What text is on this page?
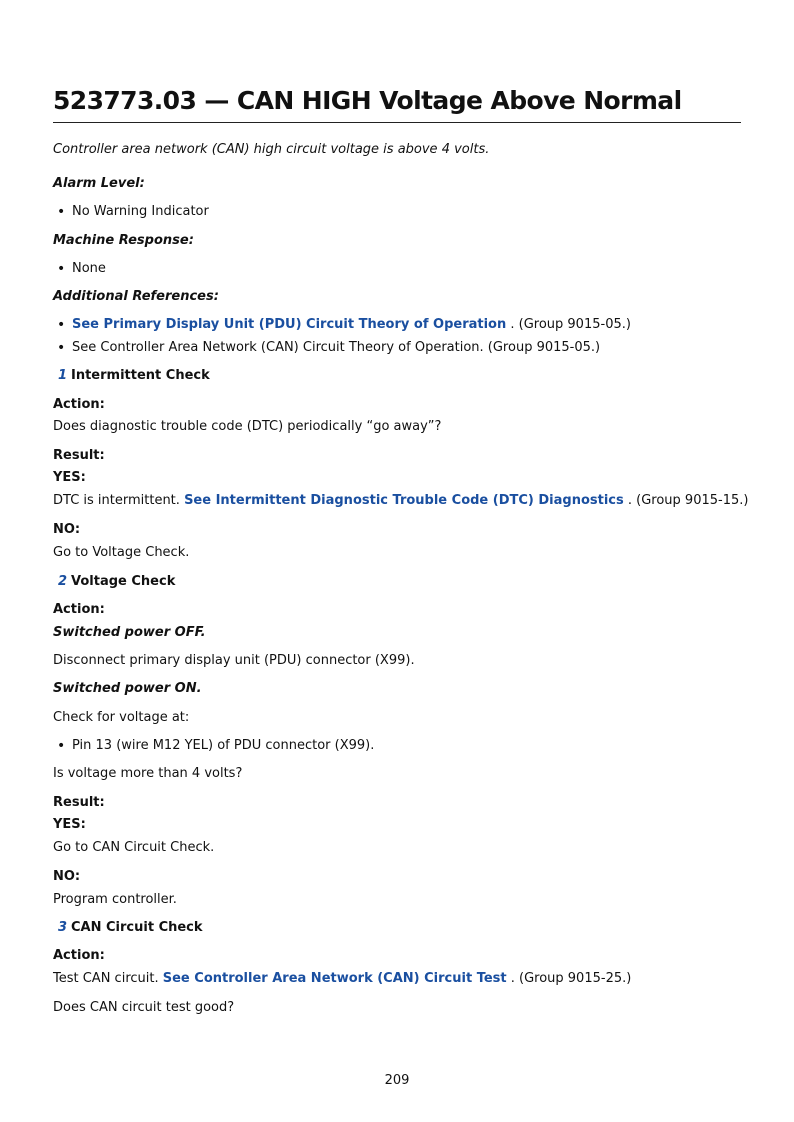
523773.03 — CAN HIGH Voltage Above Normal
Controller area network (CAN) high circuit voltage is above 4 volts.
Alarm Level:
• No Warning Indicator
Machine Response:
• None
Additional References:
• See Primary Display Unit (PDU) Circuit Theory of Operation . (Group 9015-05.)
• See Controller Area Network (CAN) Circuit Theory of Operation. (Group 9015-05.)
1 Intermittent Check
Action:
Does diagnostic trouble code (DTC) periodically “go away”?
Result:
YES:
DTC is intermittent. See Intermittent Diagnostic Trouble Code (DTC) Diagnostics . (Group 9015-15.)
NO:
Go to Voltage Check.
2 Voltage Check
Action:
Switched power OFF.
Disconnect primary display unit (PDU) connector (X99).
Switched power ON.
Check for voltage at:
• Pin 13 (wire M12 YEL) of PDU connector (X99).
Is voltage more than 4 volts?
Result:
YES:
Go to CAN Circuit Check.
NO:
Program controller.
3 CAN Circuit Check
Action:
Test CAN circuit. See Controller Area Network (CAN) Circuit Test . (Group 9015-25.)
Does CAN circuit test good?
209
